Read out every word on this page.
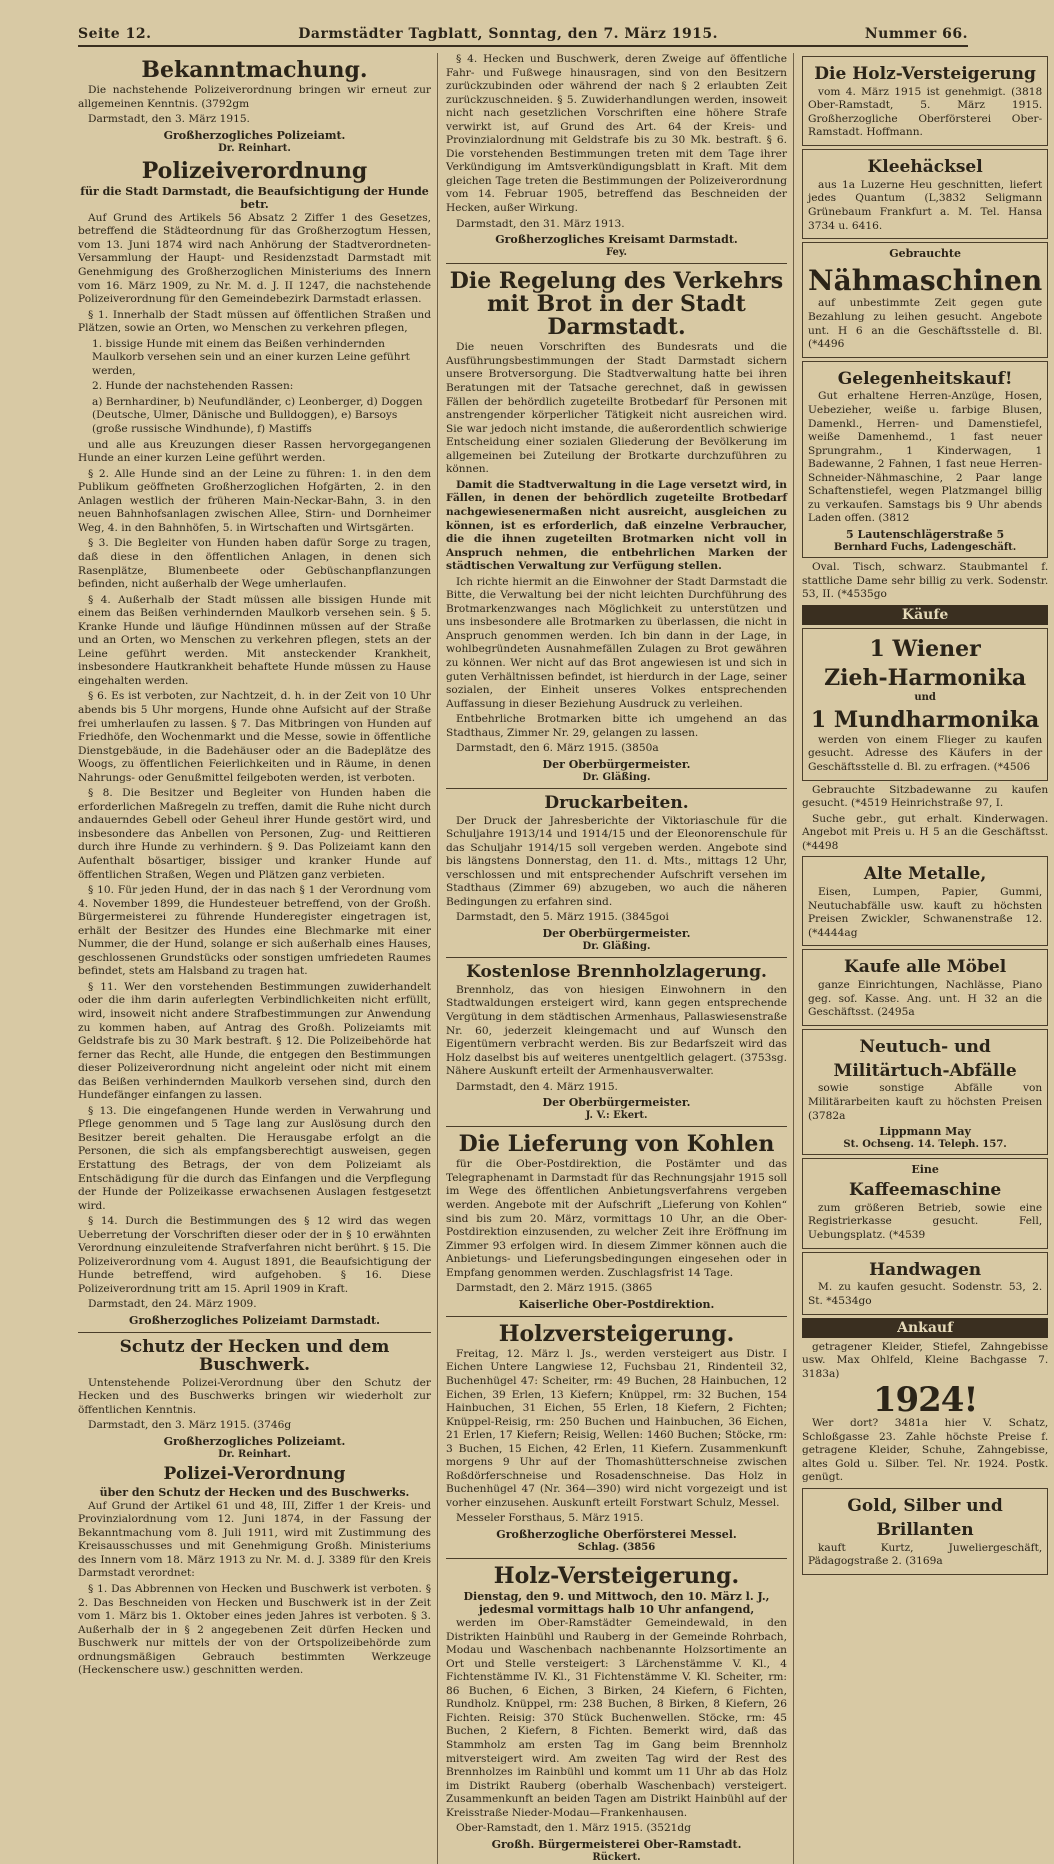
Seite 12.	Darmstädter Tagblatt, Sonntag, den 7. März 1915.	Nummer 66.
Bekanntmachung.

Die nachstehende Polizeiverordnung bringen wir erneut zur allgemeinen Kenntnis. (3792gm

Darmstadt, den 3. März 1915.

Großherzogliches Polizeiamt.
Dr. Reinhart.
Polizeiverordnung
für die Stadt Darmstadt, die Beaufsichtigung der Hunde betr.

Auf Grund des Artikels 56 Absatz 2 Ziffer 1 des Gesetzes, betreffend die Städteordnung für das Großherzogtum Hessen, vom 13. Juni 1874 wird nach Anhörung der Stadtverordneten-Versammlung der Haupt- und Residenzstadt Darmstadt mit Genehmigung des Großherzoglichen Ministeriums des Innern vom 16. März 1909, zu Nr. M. d. J. II 1247, die nachstehende Polizeiverordnung für den Gemeindebezirk Darmstadt erlassen.

§ 1. Innerhalb der Stadt müssen auf öffentlichen Straßen und Plätzen, sowie an Orten, wo Menschen zu verkehren pflegen,

1. bissige Hunde mit einem das Beißen verhindernden Maulkorb versehen sein und an einer kurzen Leine geführt werden,

2. Hunde der nachstehenden Rassen:

a) Bernhardiner, b) Neufundländer, c) Leonberger, d) Doggen (Deutsche, Ulmer, Dänische und Bulldoggen), e) Barsoys (große russische Windhunde), f) Mastiffs

und alle aus Kreuzungen dieser Rassen hervorgegangenen Hunde an einer kurzen Leine geführt werden.

§ 2. Alle Hunde sind an der Leine zu führen: 1. in den dem Publikum geöffneten Großherzoglichen Hofgärten, 2. in den Anlagen westlich der früheren Main-Neckar-Bahn, 3. in den neuen Bahnhofsanlagen zwischen Allee, Stirn- und Dornheimer Weg, 4. in den Bahnhöfen, 5. in Wirtschaften und Wirtsgärten.

§ 3. Die Begleiter von Hunden haben dafür Sorge zu tragen, daß diese in den öffentlichen Anlagen, in denen sich Rasenplätze, Blumenbeete oder Gebüschanpflanzungen befinden, nicht außerhalb der Wege umherlaufen.

§ 4. Außerhalb der Stadt müssen alle bissigen Hunde mit einem das Beißen verhindernden Maulkorb versehen sein. § 5. Kranke Hunde und läufige Hündinnen müssen auf der Straße und an Orten, wo Menschen zu verkehren pflegen, stets an der Leine geführt werden. Mit ansteckender Krankheit, insbesondere Hautkrankheit behaftete Hunde müssen zu Hause eingehalten werden.

§ 6. Es ist verboten, zur Nachtzeit, d. h. in der Zeit von 10 Uhr abends bis 5 Uhr morgens, Hunde ohne Aufsicht auf der Straße frei umherlaufen zu lassen. § 7. Das Mitbringen von Hunden auf Friedhöfe, den Wochenmarkt und die Messe, sowie in öffentliche Dienstgebäude, in die Badehäuser oder an die Badeplätze des Woogs, zu öffentlichen Feierlichkeiten und in Räume, in denen Nahrungs- oder Genußmittel feilgeboten werden, ist verboten.

§ 8. Die Besitzer und Begleiter von Hunden haben die erforderlichen Maßregeln zu treffen, damit die Ruhe nicht durch andauerndes Gebell oder Geheul ihrer Hunde gestört wird, und insbesondere das Anbellen von Personen, Zug- und Reittieren durch ihre Hunde zu verhindern. § 9. Das Polizeiamt kann den Aufenthalt bösartiger, bissiger und kranker Hunde auf öffentlichen Straßen, Wegen und Plätzen ganz verbieten.

§ 10. Für jeden Hund, der in das nach § 1 der Verordnung vom 4. November 1899, die Hundesteuer betreffend, von der Großh. Bürgermeisterei zu führende Hunderegister eingetragen ist, erhält der Besitzer des Hundes eine Blechmarke mit einer Nummer, die der Hund, solange er sich außerhalb eines Hauses, geschlossenen Grundstücks oder sonstigen umfriedeten Raumes befindet, stets am Halsband zu tragen hat.

§ 11. Wer den vorstehenden Bestimmungen zuwiderhandelt oder die ihm darin auferlegten Verbindlichkeiten nicht erfüllt, wird, insoweit nicht andere Strafbestimmungen zur Anwendung zu kommen haben, auf Antrag des Großh. Polizeiamts mit Geldstrafe bis zu 30 Mark bestraft. § 12. Die Polizeibehörde hat ferner das Recht, alle Hunde, die entgegen den Bestimmungen dieser Polizeiverordnung nicht angeleint oder nicht mit einem das Beißen verhindernden Maulkorb versehen sind, durch den Hundefänger einfangen zu lassen.

§ 13. Die eingefangenen Hunde werden in Verwahrung und Pflege genommen und 5 Tage lang zur Auslösung durch den Besitzer bereit gehalten. Die Herausgabe erfolgt an die Personen, die sich als empfangsberechtigt ausweisen, gegen Erstattung des Betrags, der von dem Polizeiamt als Entschädigung für die durch das Einfangen und die Verpflegung der Hunde der Polizeikasse erwachsenen Auslagen festgesetzt wird.

§ 14. Durch die Bestimmungen des § 12 wird das wegen Ueberretung der Vorschriften dieser oder der in § 10 erwähnten Verordnung einzuleitende Strafverfahren nicht berührt. § 15. Die Polizeiverordnung vom 4. August 1891, die Beaufsichtigung der Hunde betreffend, wird aufgehoben. § 16. Diese Polizeiverordnung tritt am 15. April 1909 in Kraft.

Darmstadt, den 24. März 1909.

Großherzogliches Polizeiamt Darmstadt.
Schutz der Hecken und dem Buschwerk.

Untenstehende Polizei-Verordnung über den Schutz der Hecken und des Buschwerks bringen wir wiederholt zur öffentlichen Kenntnis.

Darmstadt, den 3. März 1915. (3746g

Großherzogliches Polizeiamt.
Dr. Reinhart.
Polizei-Verordnung
über den Schutz der Hecken und des Buschwerks.

Auf Grund der Artikel 61 und 48, III, Ziffer 1 der Kreis- und Provinzialordnung vom 12. Juni 1874, in der Fassung der Bekanntmachung vom 8. Juli 1911, wird mit Zustimmung des Kreisausschusses und mit Genehmigung Großh. Ministeriums des Innern vom 18. März 1913 zu Nr. M. d. J. 3389 für den Kreis Darmstadt verordnet:

§ 1. Das Abbrennen von Hecken und Buschwerk ist verboten. § 2. Das Beschneiden von Hecken und Buschwerk ist in der Zeit vom 1. März bis 1. Oktober eines jeden Jahres ist verboten. § 3. Außerhalb der in § 2 angegebenen Zeit dürfen Hecken und Buschwerk nur mittels der von der Ortspolizeibehörde zum ordnungsmäßigen Gebrauch bestimmten Werkzeuge (Heckenschere usw.) geschnitten werden.

§ 4. Hecken und Buschwerk, deren Zweige auf öffentliche Fahr- und Fußwege hinausragen, sind von den Besitzern zurückzubinden oder während der nach § 2 erlaubten Zeit zurückzuschneiden. § 5. Zuwiderhandlungen werden, insoweit nicht nach gesetzlichen Vorschriften eine höhere Strafe verwirkt ist, auf Grund des Art. 64 der Kreis- und Provinzialordnung mit Geldstrafe bis zu 30 Mk. bestraft. § 6. Die vorstehenden Bestimmungen treten mit dem Tage ihrer Verkündigung im Amtsverkündigungsblatt in Kraft. Mit dem gleichen Tage treten die Bestimmungen der Polizeiverordnung vom 14. Februar 1905, betreffend das Beschneiden der Hecken, außer Wirkung.

Darmstadt, den 31. März 1913.

Großherzogliches Kreisamt Darmstadt.
Fey.
Die Regelung des Verkehrs mit Brot in der Stadt Darmstadt.

Die neuen Vorschriften des Bundesrats und die Ausführungsbestimmungen der Stadt Darmstadt sichern unsere Brotversorgung. Die Stadtverwaltung hatte bei ihren Beratungen mit der Tatsache gerechnet, daß in gewissen Fällen der behördlich zugeteilte Brotbedarf für Personen mit anstrengender körperlicher Tätigkeit nicht ausreichen wird. Sie war jedoch nicht imstande, die außerordentlich schwierige Entscheidung einer sozialen Gliederung der Bevölkerung im allgemeinen bei Zuteilung der Brotkarte durchzuführen zu können.

Damit die Stadtverwaltung in die Lage versetzt wird, in Fällen, in denen der behördlich zugeteilte Brotbedarf nachgewiesenermaßen nicht ausreicht, ausgleichen zu können, ist es erforderlich, daß einzelne Verbraucher, die die ihnen zugeteilten Brotmarken nicht voll in Anspruch nehmen, die entbehrlichen Marken der städtischen Verwaltung zur Verfügung stellen.

Ich richte hiermit an die Einwohner der Stadt Darmstadt die Bitte, die Verwaltung bei der nicht leichten Durchführung des Brotmarkenzwanges nach Möglichkeit zu unterstützen und uns insbesondere alle Brotmarken zu überlassen, die nicht in Anspruch genommen werden. Ich bin dann in der Lage, in wohlbegründeten Ausnahmefällen Zulagen zu Brot gewähren zu können. Wer nicht auf das Brot angewiesen ist und sich in guten Verhältnissen befindet, ist hierdurch in der Lage, seiner sozialen, der Einheit unseres Volkes entsprechenden Auffassung in dieser Beziehung Ausdruck zu verleihen.

Entbehrliche Brotmarken bitte ich umgehend an das Stadthaus, Zimmer Nr. 29, gelangen zu lassen.

Darmstadt, den 6. März 1915. (3850a

Der Oberbürgermeister.
Dr. Gläßing.
Druckarbeiten.

Der Druck der Jahresberichte der Viktoriaschule für die Schuljahre 1913/14 und 1914/15 und der Eleonorenschule für das Schuljahr 1914/15 soll vergeben werden. Angebote sind bis längstens Donnerstag, den 11. d. Mts., mittags 12 Uhr, verschlossen und mit entsprechender Aufschrift versehen im Stadthaus (Zimmer 69) abzugeben, wo auch die näheren Bedingungen zu erfahren sind.

Darmstadt, den 5. März 1915. (3845goi

Der Oberbürgermeister.
Dr. Gläßing.
Kostenlose Brennholzlagerung.

Brennholz, das von hiesigen Einwohnern in den Stadtwaldungen ersteigert wird, kann gegen entsprechende Vergütung in dem städtischen Armenhaus, Pallaswiesenstraße Nr. 60, jederzeit kleingemacht und auf Wunsch den Eigentümern verbracht werden. Bis zur Bedarfszeit wird das Holz daselbst bis auf weiteres unentgeltlich gelagert. (3753sg. Nähere Auskunft erteilt der Armenhausverwalter.

Darmstadt, den 4. März 1915.

Der Oberbürgermeister.
J. V.: Ekert.
Die Lieferung von Kohlen

für die Ober-Postdirektion, die Postämter und das Telegraphenamt in Darmstadt für das Rechnungsjahr 1915 soll im Wege des öffentlichen Anbietungsverfahrens vergeben werden. Angebote mit der Aufschrift „Lieferung von Kohlen“ sind bis zum 20. März, vormittags 10 Uhr, an die Ober-Postdirektion einzusenden, zu welcher Zeit ihre Eröffnung im Zimmer 93 erfolgen wird. In diesem Zimmer können auch die Anbietungs- und Lieferungsbedingungen eingesehen oder in Empfang genommen werden. Zuschlagsfrist 14 Tage.

Darmstadt, den 2. März 1915. (3865

Kaiserliche Ober-Postdirektion.
Holzversteigerung.

Freitag, 12. März l. Js., werden versteigert aus Distr. I Eichen Untere Langwiese 12, Fuchsbau 21, Rindenteil 32, Buchenhügel 47: Scheiter, rm: 49 Buchen, 28 Hainbuchen, 12 Eichen, 39 Erlen, 13 Kiefern; Knüppel, rm: 32 Buchen, 154 Hainbuchen, 31 Eichen, 55 Erlen, 18 Kiefern, 2 Fichten; Knüppel-Reisig, rm: 250 Buchen und Hainbuchen, 36 Eichen, 21 Erlen, 17 Kiefern; Reisig, Wellen: 1460 Buchen; Stöcke, rm: 3 Buchen, 15 Eichen, 42 Erlen, 11 Kiefern. Zusammenkunft morgens 9 Uhr auf der Thomashütterschneise zwischen Roßdörferschneise und Rosadenschneise. Das Holz in Buchenhügel 47 (Nr. 364—390) wird nicht vorgezeigt und ist vorher einzusehen. Auskunft erteilt Forstwart Schulz, Messel.

Messeler Forsthaus, 5. März 1915.

Großherzogliche Oberförsterei Messel.
Schlag. (3856
Holz-Versteigerung.
Dienstag, den 9. und Mittwoch, den 10. März l. J., jedesmal vormittags halb 10 Uhr anfangend,

werden im Ober-Ramstädter Gemeindewald, in den Distrikten Hainbühl und Rauberg in der Gemeinde Rohrbach, Modau und Waschenbach nachbenannte Holzsortimente an Ort und Stelle versteigert: 3 Lärchenstämme V. Kl., 4 Fichtenstämme IV. Kl., 31 Fichtenstämme V. Kl. Scheiter, rm: 86 Buchen, 6 Eichen, 3 Birken, 24 Kiefern, 6 Fichten, Rundholz. Knüppel, rm: 238 Buchen, 8 Birken, 8 Kiefern, 26 Fichten. Reisig: 370 Stück Buchenwellen. Stöcke, rm: 45 Buchen, 2 Kiefern, 8 Fichten. Bemerkt wird, daß das Stammholz am ersten Tag im Gang beim Brennholz mitversteigert wird. Am zweiten Tag wird der Rest des Brennholzes im Rainbühl und kommt um 11 Uhr ab das Holz im Distrikt Rauberg (oberhalb Waschenbach) versteigert. Zusammenkunft an beiden Tagen am Distrikt Hainbühl auf der Kreisstraße Nieder-Modau—Frankenhausen.

Ober-Ramstadt, den 1. März 1915. (3521dg

Großh. Bürgermeisterei Ober-Ramstadt.
Rückert.
Die Holz-Versteigerung

vom 4. März 1915 ist genehmigt. (3818 Ober-Ramstadt, 5. März 1915. Großherzogliche Oberförsterei Ober-Ramstadt. Hoffmann.

Kleehäcksel

aus 1a Luzerne Heu geschnitten, liefert jedes Quantum (L,3832 Seligmann Grünebaum Frankfurt a. M. Tel. Hansa 3734 u. 6416.

Gebrauchte
Nähmaschinen

auf unbestimmte Zeit gegen gute Bezahlung zu leihen gesucht. Angebote unt. H 6 an die Geschäftsstelle d. Bl. (*4496

Gelegenheitskauf!

Gut erhaltene Herren-Anzüge, Hosen, Uebezieher, weiße u. farbige Blusen, Damenkl., Herren- und Damenstiefel, weiße Damenhemd., 1 fast neuer Sprungrahm., 1 Kinderwagen, 1 Badewanne, 2 Fahnen, 1 fast neue Herren-Schneider-Nähmaschine, 2 Paar lange Schaftenstiefel, wegen Platzmangel billig zu verkaufen. Samstags bis 9 Uhr abends Laden offen. (3812

5 Lautenschlägerstraße 5
Bernhard Fuchs, Ladengeschäft.

Oval. Tisch, schwarz. Staubmantel f. stattliche Dame sehr billig zu verk. Sodenstr. 53, II. (*4535go

Käufe
1 Wiener
Zieh-Harmonika
und
1 Mundharmonika

werden von einem Flieger zu kaufen gesucht. Adresse des Käufers in der Geschäftsstelle d. Bl. zu erfragen. (*4506

Gebrauchte Sitzbadewanne zu kaufen gesucht. (*4519 Heinrichstraße 97, I.

Suche gebr., gut erhalt. Kinderwagen. Angebot mit Preis u. H 5 an die Geschäftsst. (*4498

Alte Metalle,

Eisen, Lumpen, Papier, Gummi, Neutuchabfälle usw. kauft zu höchsten Preisen Zwickler, Schwanenstraße 12. (*4444ag

Kaufe alle Möbel

ganze Einrichtungen, Nachlässe, Piano geg. sof. Kasse. Ang. unt. H 32 an die Geschäftsst. (2495a

Neutuch- und
Militärtuch-Abfälle

sowie sonstige Abfälle von Militärarbeiten kauft zu höchsten Preisen (3782a

Lippmann May
St. Ochseng. 14. Teleph. 157.
Eine
Kaffeemaschine

zum größeren Betrieb, sowie eine Registrierkasse gesucht. Fell, Uebungsplatz. (*4539

Handwagen

M. zu kaufen gesucht. Sodenstr. 53, 2. St. *4534go

Ankauf

getragener Kleider, Stiefel, Zahngebisse usw. Max Ohlfeld, Kleine Bachgasse 7. 3183a)

1924!

Wer dort? 3481a hier V. Schatz, Schloßgasse 23. Zahle höchste Preise f. getragene Kleider, Schuhe, Zahngebisse, altes Gold u. Silber. Tel. Nr. 1924. Postk. genügt.

Gold, Silber und
Brillanten

kauft Kurtz, Juweliergeschäft, Pädagogstraße 2. (3169a
